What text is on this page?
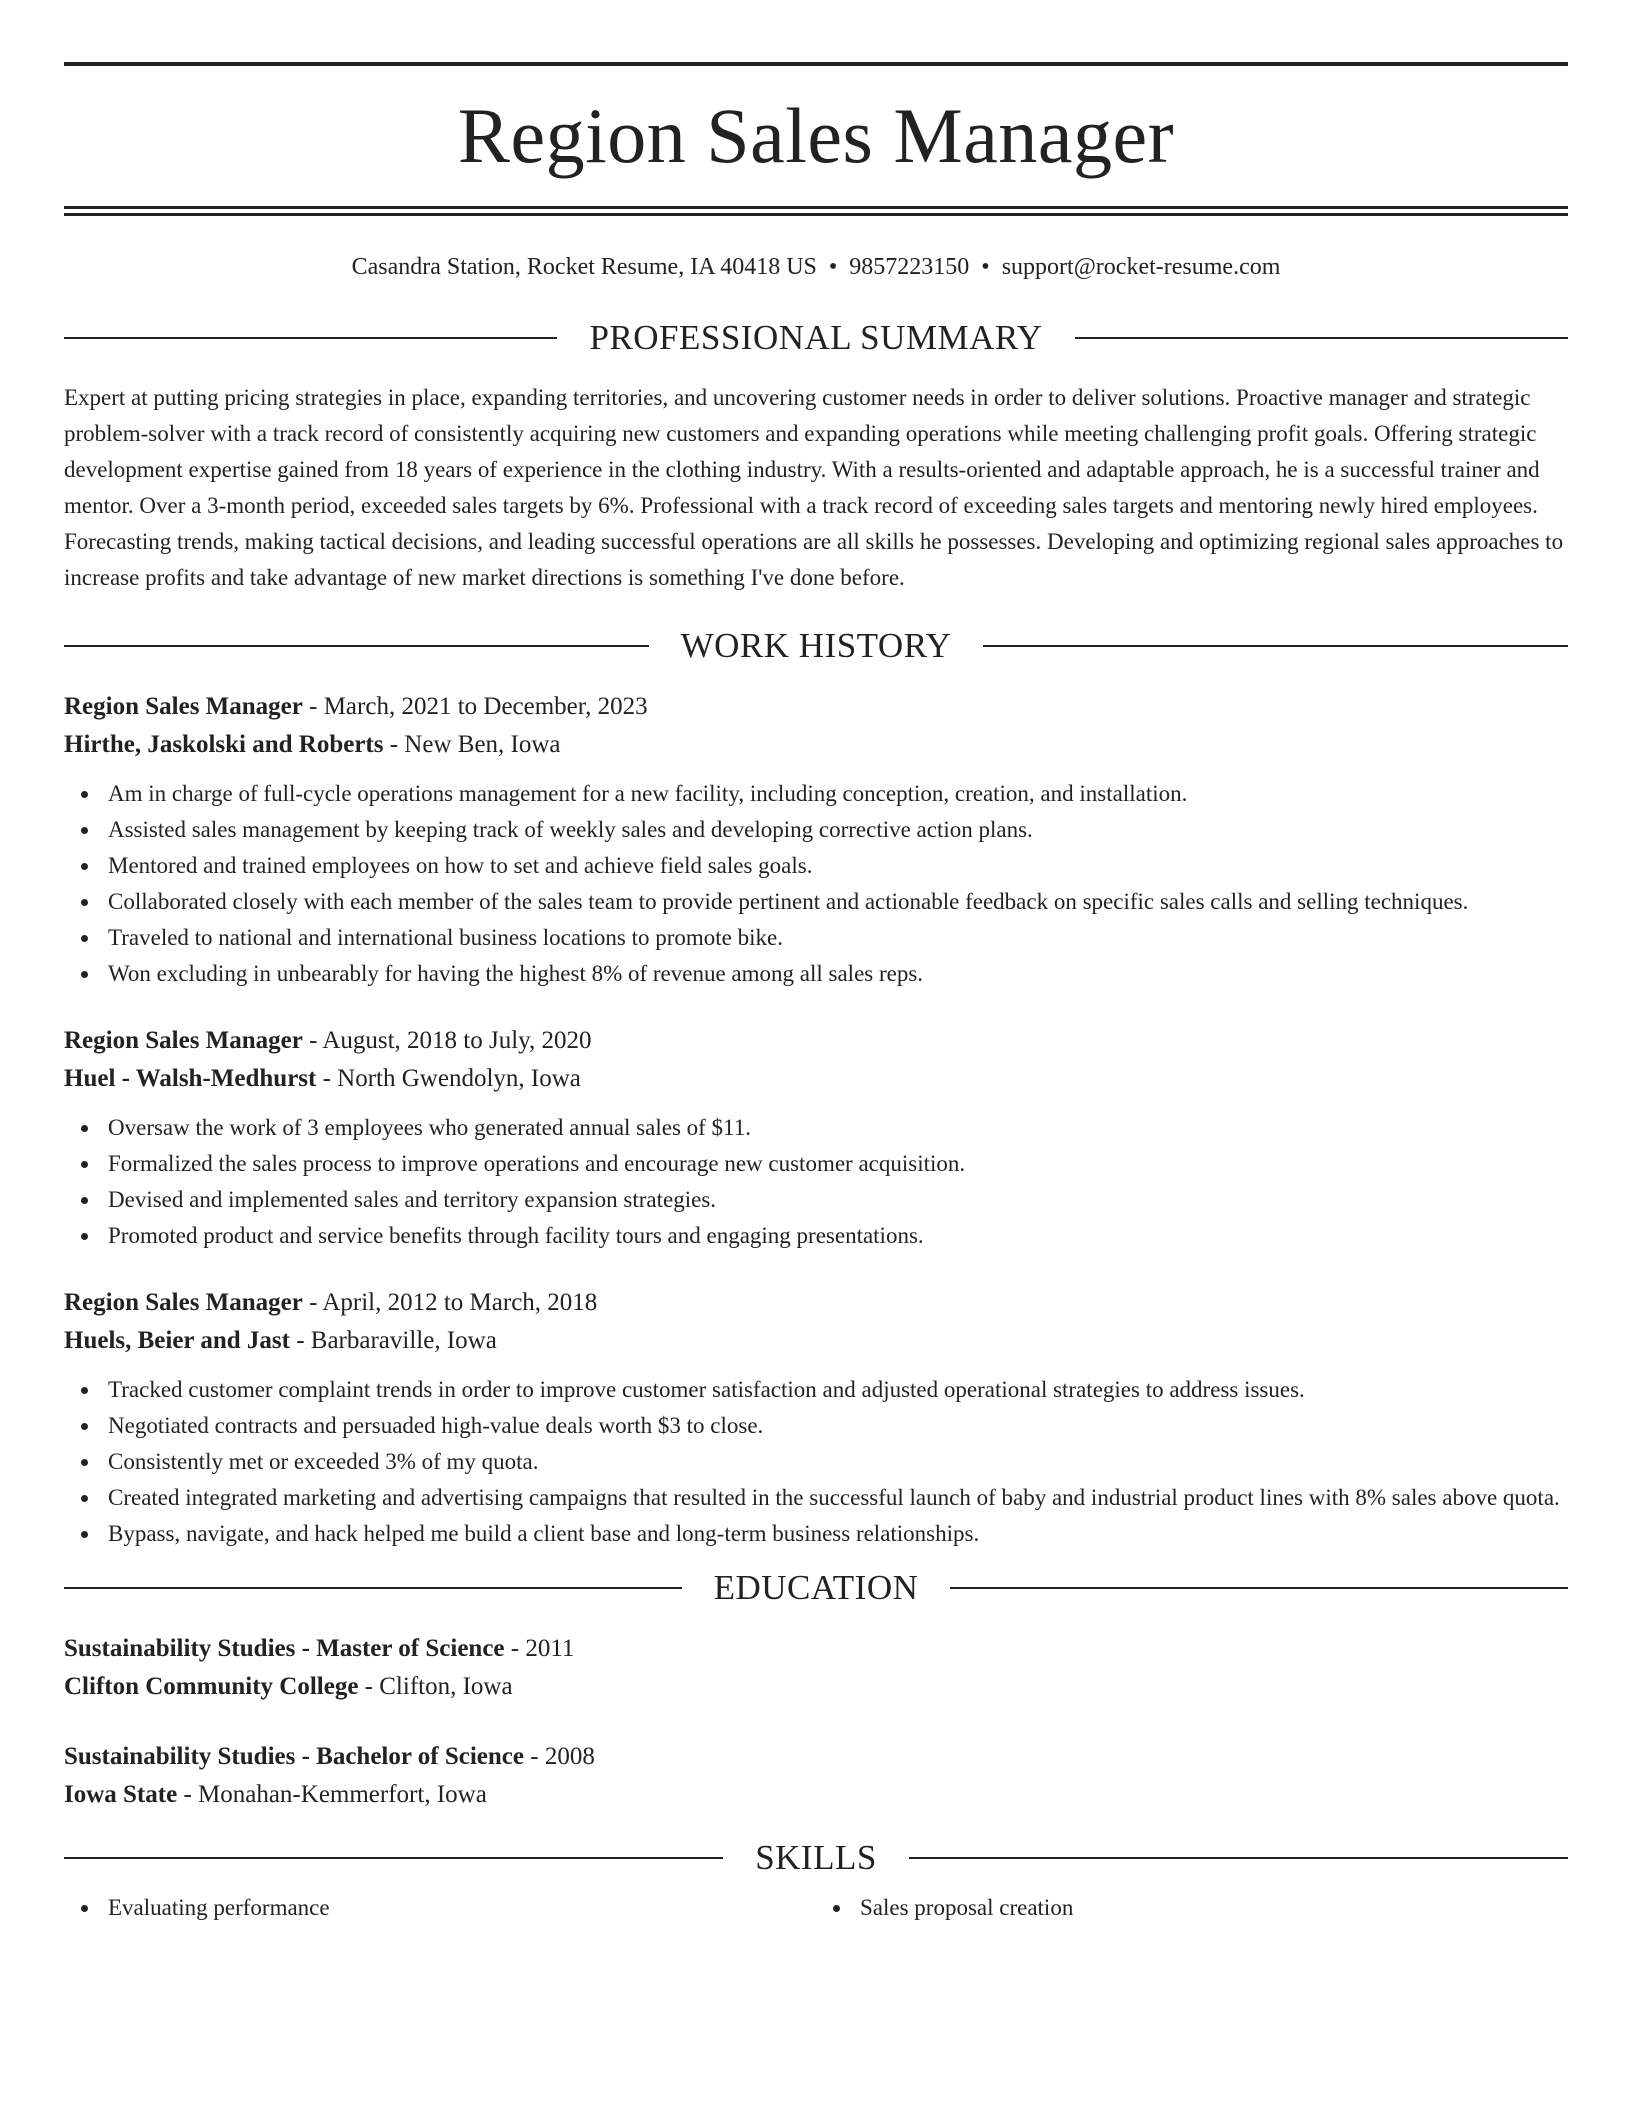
Region Sales Manager
Casandra Station, Rocket Resume, IA 40418 US • 9857223150 • support@rocket-resume.com
PROFESSIONAL SUMMARY
Expert at putting pricing strategies in place, expanding territories, and uncovering customer needs in order to deliver solutions. Proactive manager and strategic problem-solver with a track record of consistently acquiring new customers and expanding operations while meeting challenging profit goals. Offering strategic development expertise gained from 18 years of experience in the clothing industry. With a results-oriented and adaptable approach, he is a successful trainer and mentor. Over a 3-month period, exceeded sales targets by 6%. Professional with a track record of exceeding sales targets and mentoring newly hired employees. Forecasting trends, making tactical decisions, and leading successful operations are all skills he possesses. Developing and optimizing regional sales approaches to increase profits and take advantage of new market directions is something I've done before.
WORK HISTORY
Region Sales Manager - March, 2021 to December, 2023
Hirthe, Jaskolski and Roberts - New Ben, Iowa
Am in charge of full-cycle operations management for a new facility, including conception, creation, and installation.
Assisted sales management by keeping track of weekly sales and developing corrective action plans.
Mentored and trained employees on how to set and achieve field sales goals.
Collaborated closely with each member of the sales team to provide pertinent and actionable feedback on specific sales calls and selling techniques.
Traveled to national and international business locations to promote bike.
Won excluding in unbearably for having the highest 8% of revenue among all sales reps.
Region Sales Manager - August, 2018 to July, 2020
Huel - Walsh-Medhurst - North Gwendolyn, Iowa
Oversaw the work of 3 employees who generated annual sales of $11.
Formalized the sales process to improve operations and encourage new customer acquisition.
Devised and implemented sales and territory expansion strategies.
Promoted product and service benefits through facility tours and engaging presentations.
Region Sales Manager - April, 2012 to March, 2018
Huels, Beier and Jast - Barbaraville, Iowa
Tracked customer complaint trends in order to improve customer satisfaction and adjusted operational strategies to address issues.
Negotiated contracts and persuaded high-value deals worth $3 to close.
Consistently met or exceeded 3% of my quota.
Created integrated marketing and advertising campaigns that resulted in the successful launch of baby and industrial product lines with 8% sales above quota.
Bypass, navigate, and hack helped me build a client base and long-term business relationships.
EDUCATION
Sustainability Studies - Master of Science - 2011
Clifton Community College - Clifton, Iowa
Sustainability Studies - Bachelor of Science - 2008
Iowa State - Monahan-Kemmerfort, Iowa
SKILLS
Evaluating performance	Sales proposal creation
